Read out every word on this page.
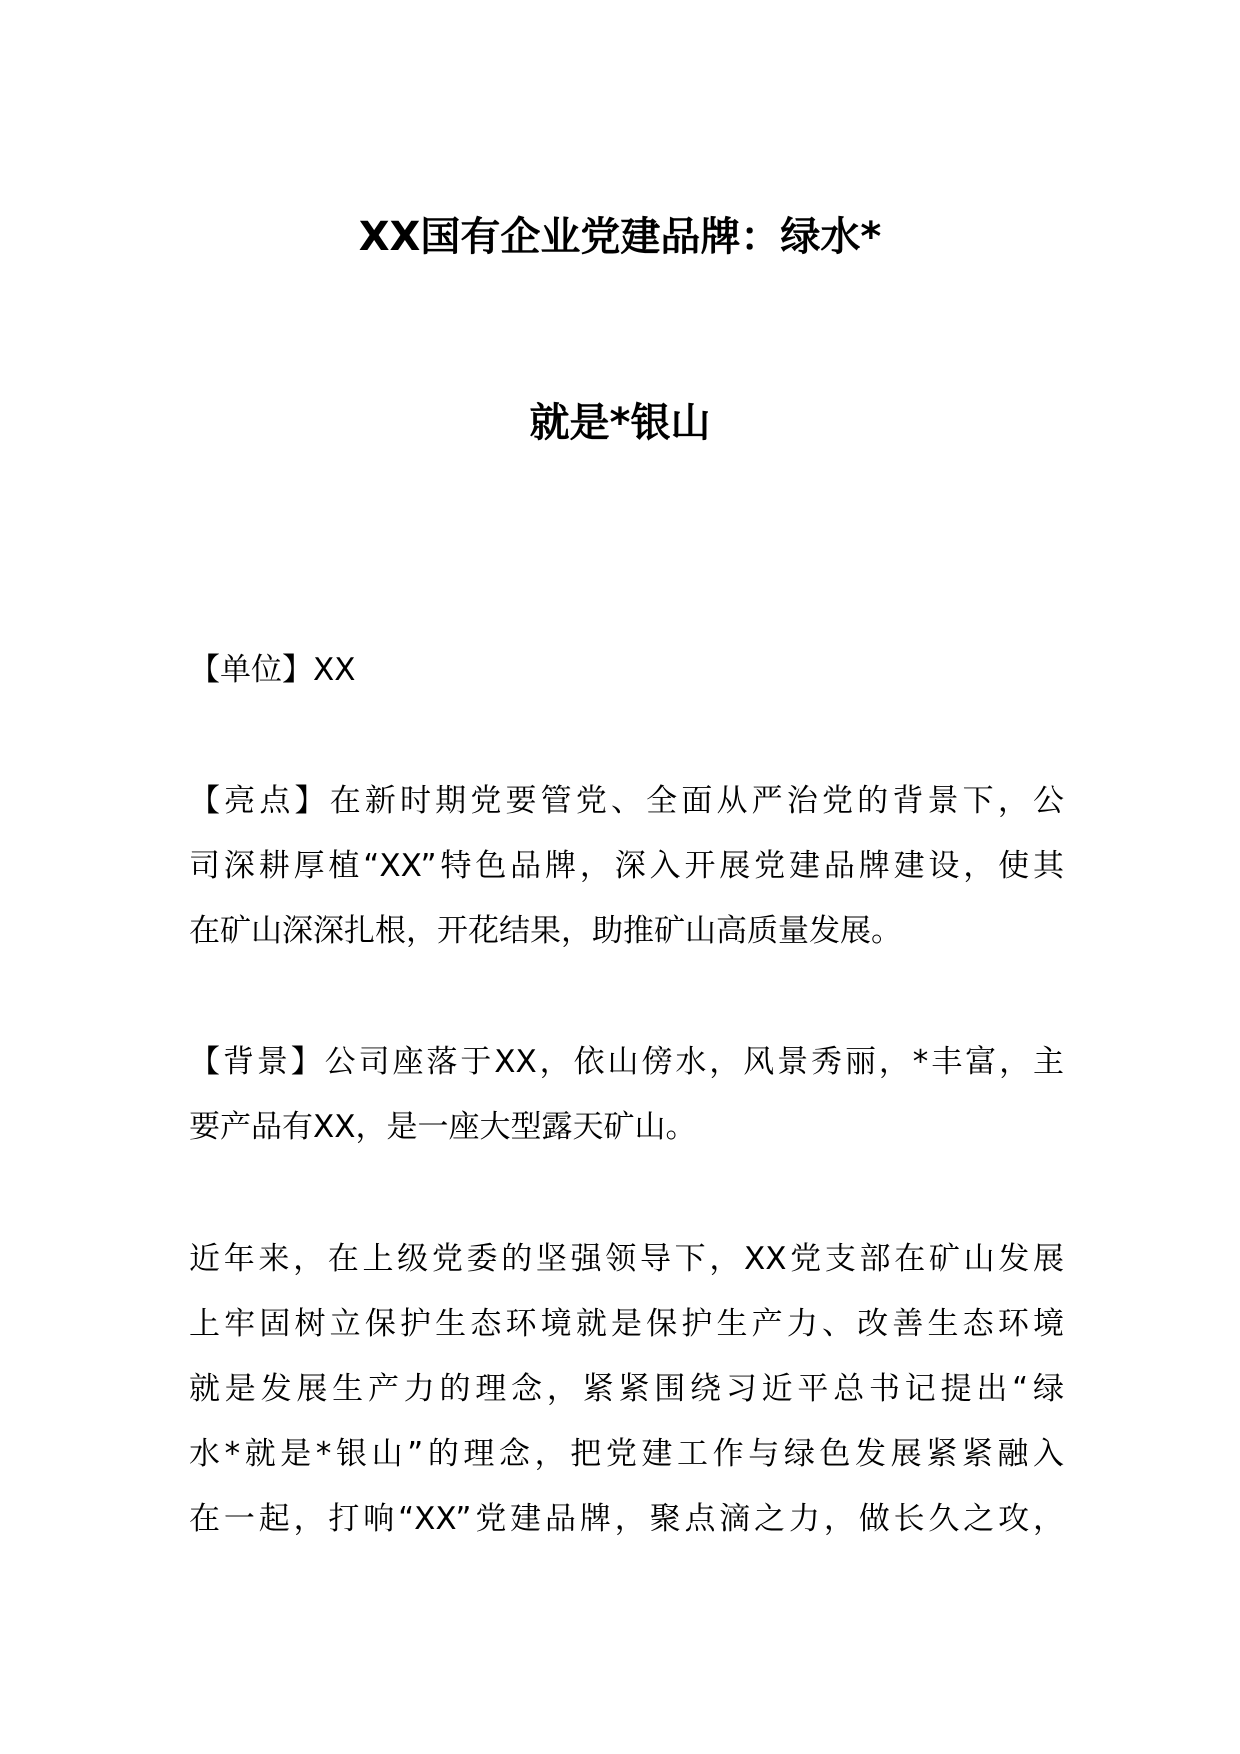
XX国有企业党建品牌：绿水*
就是*银山
【单位】XX
【亮点】在新时期党要管党、全面从严治党的背景下，公
司深耕厚植“XX”特色品牌，深入开展党建品牌建设，使其
在矿山深深扎根，开花结果，助推矿山高质量发展。
【背景】公司座落于XX，依山傍水，风景秀丽，*丰富，主
要产品有XX，是一座大型露天矿山。
近年来，在上级党委的坚强领导下，XX党支部在矿山发展
上牢固树立保护生态环境就是保护生产力、改善生态环境
就是发展生产力的理念，紧紧围绕习近平总书记提出“绿
水*就是*银山”的理念，把党建工作与绿色发展紧紧融入
在一起，打响“XX”党建品牌，聚点滴之力，做长久之攻，
